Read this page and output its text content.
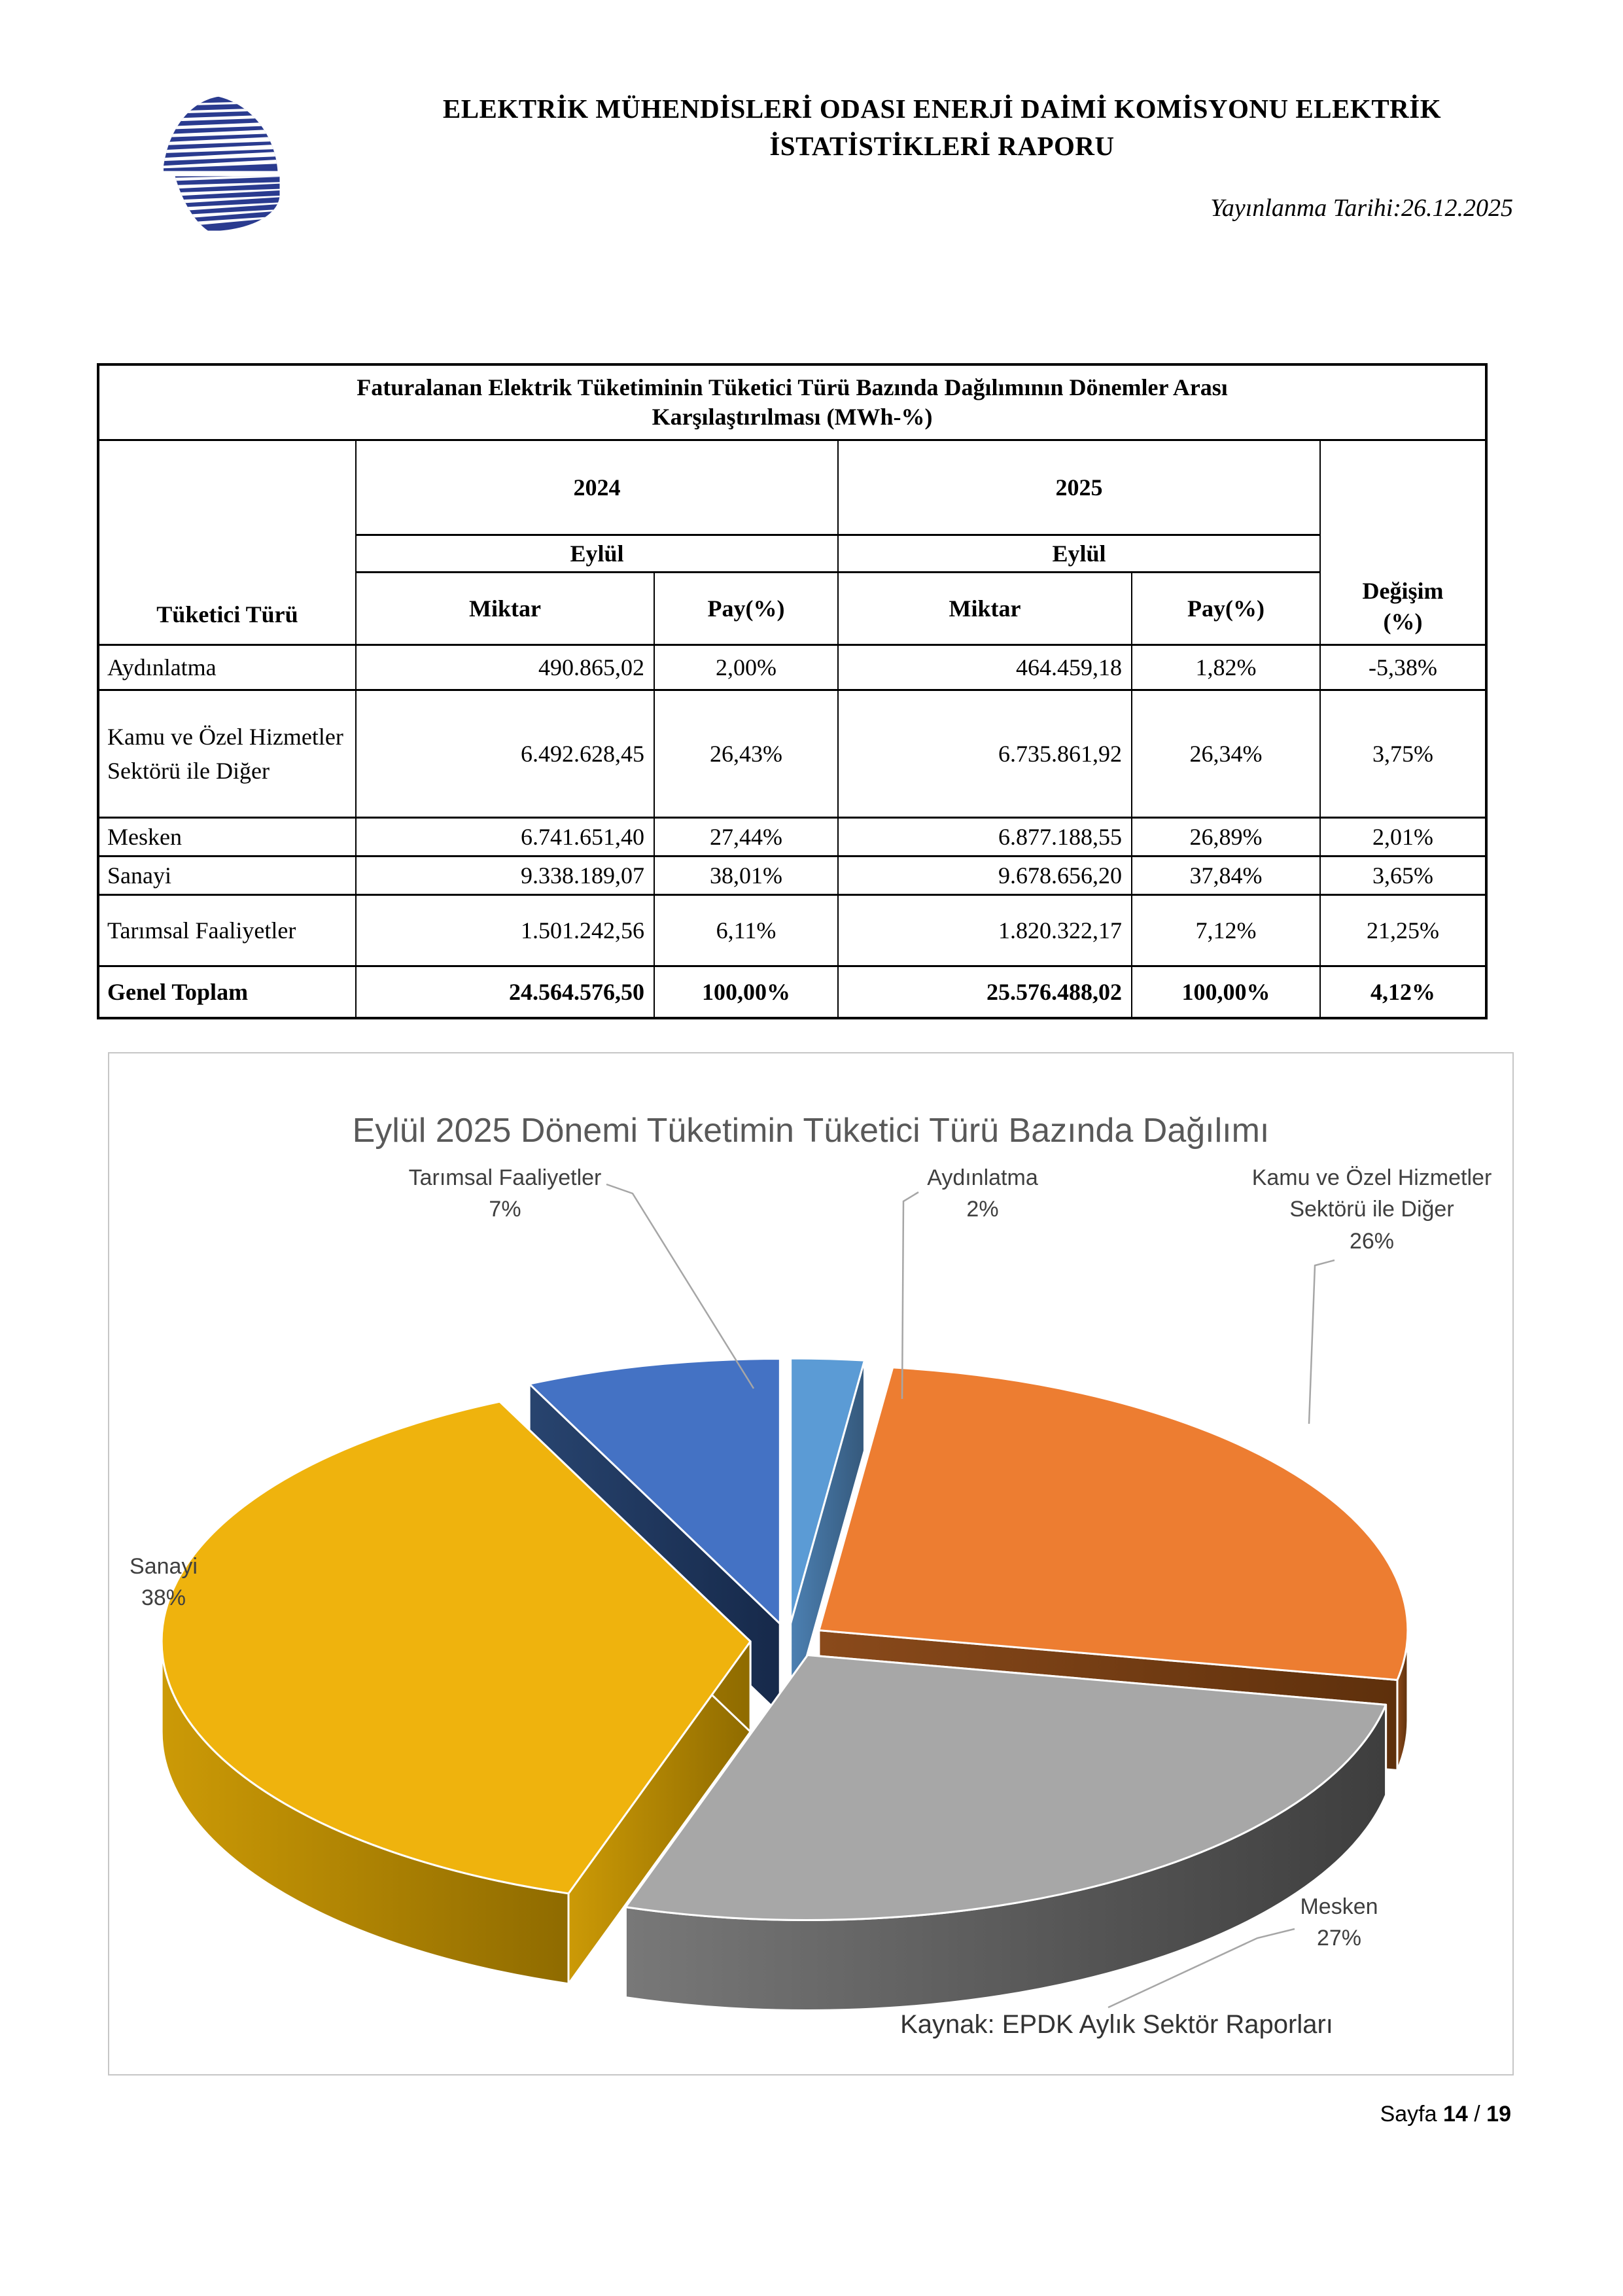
ELEKTRİK MÜHENDİSLERİ ODASI ENERJİ DAİMİ KOMİSYONU ELEKTRİK
İSTATİSTİKLERİ RAPORU
Yayınlanma Tarihi:26.12.2025
Faturalanan Elektrik Tüketiminin Tüketici Türü Bazında Dağılımının Dönemler Arası
Karşılaştırılması (MWh-%)					

Tüketici Türü	2024		2025		Değişim
(%)

	Eylül		Eylül		
	Miktar	Pay(%)	Miktar	Pay(%)	
Aydınlatma	490.865,02	2,00%	464.459,18	1,82%	-5,38%
Kamu ve Özel Hizmetler Sektörü ile Diğer	6.492.628,45	26,43%	6.735.861,92	26,34%	3,75%
Mesken	6.741.651,40	27,44%	6.877.188,55	26,89%	2,01%
Sanayi	9.338.189,07	38,01%	9.678.656,20	37,84%	3,65%
Tarımsal Faaliyetler	1.501.242,56	6,11%	1.820.322,17	7,12%	21,25%
Genel Toplam	24.564.576,50	100,00%	25.576.488,02	100,00%	4,12%
Eylül 2025 Dönemi Tüketimin Tüketici Türü Bazında Dağılımı
Tarımsal Faaliyetler
7%
Aydınlatma
2%
Kamu ve Özel Hizmetler
Sektörü ile Diğer
26%
Sanayi
38%
Mesken
27%
Kaynak: EPDK Aylık Sektör Raporları
Sayfa 14 / 19
